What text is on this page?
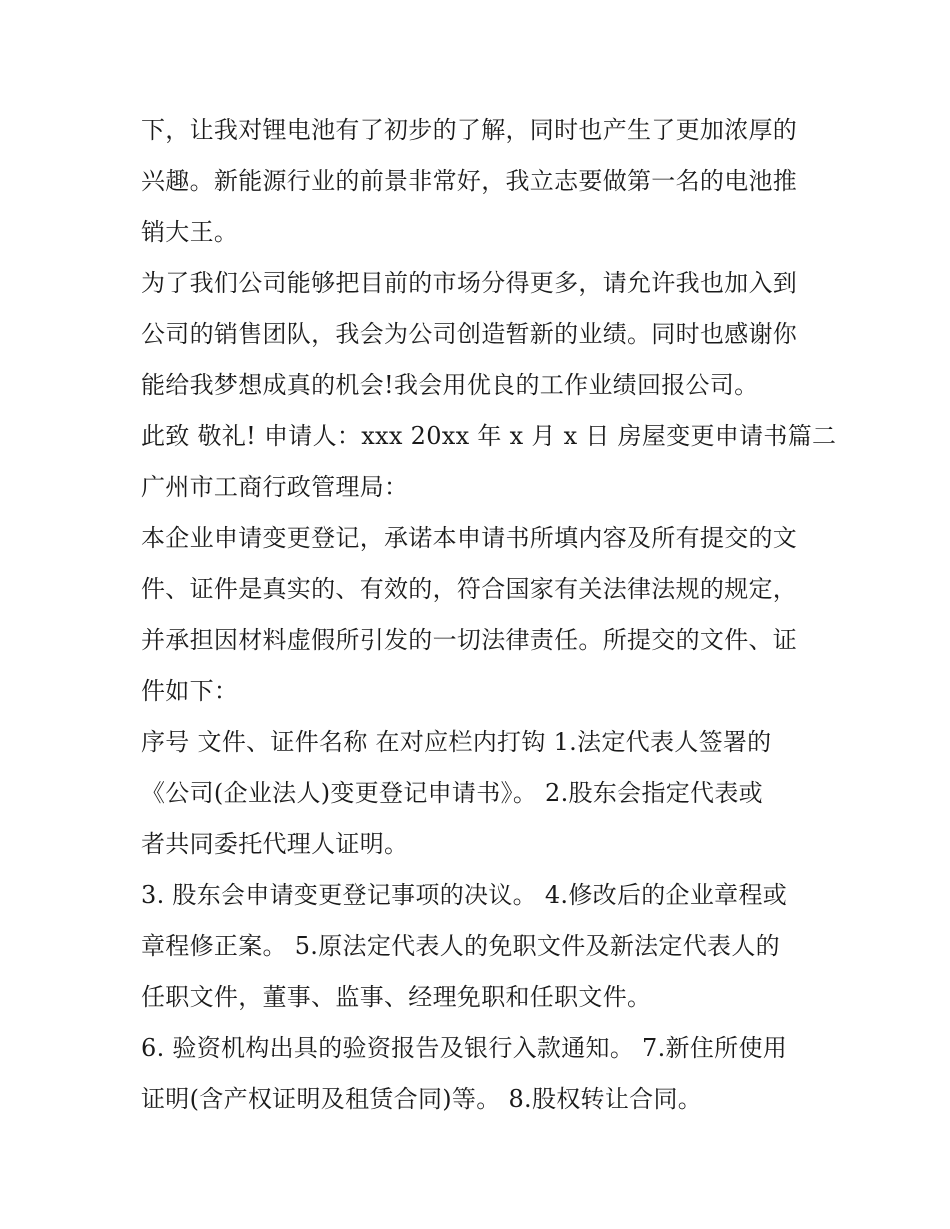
下，让我对锂电池有了初步的了解，同时也产生了更加浓厚的
兴趣。新能源行业的前景非常好，我立志要做第一名的电池推
销大王。
为了我们公司能够把目前的市场分得更多，请允许我也加入到
公司的销售团队，我会为公司创造暂新的业绩。同时也感谢你
能给我梦想成真的机会!我会用优良的工作业绩回报公司。
此致 敬礼! 申请人：xxx 20xx 年 x 月 x 日 房屋变更申请书篇二
广州市工商行政管理局：
本企业申请变更登记，承诺本申请书所填内容及所有提交的文
件、证件是真实的、有效的，符合国家有关法律法规的规定，
并承担因材料虚假所引发的一切法律责任。所提交的文件、证
件如下：
序号 文件、证件名称 在对应栏内打钩 1.法定代表人签署的
《公司(企业法人)变更登记申请书》。 2.股东会指定代表或
者共同委托代理人证明。
3. 股东会申请变更登记事项的决议。 4.修改后的企业章程或
章程修正案。 5.原法定代表人的免职文件及新法定代表人的
任职文件，董事、监事、经理免职和任职文件。
6. 验资机构出具的验资报告及银行入款通知。 7.新住所使用
证明(含产权证明及租赁合同)等。 8.股权转让合同。
